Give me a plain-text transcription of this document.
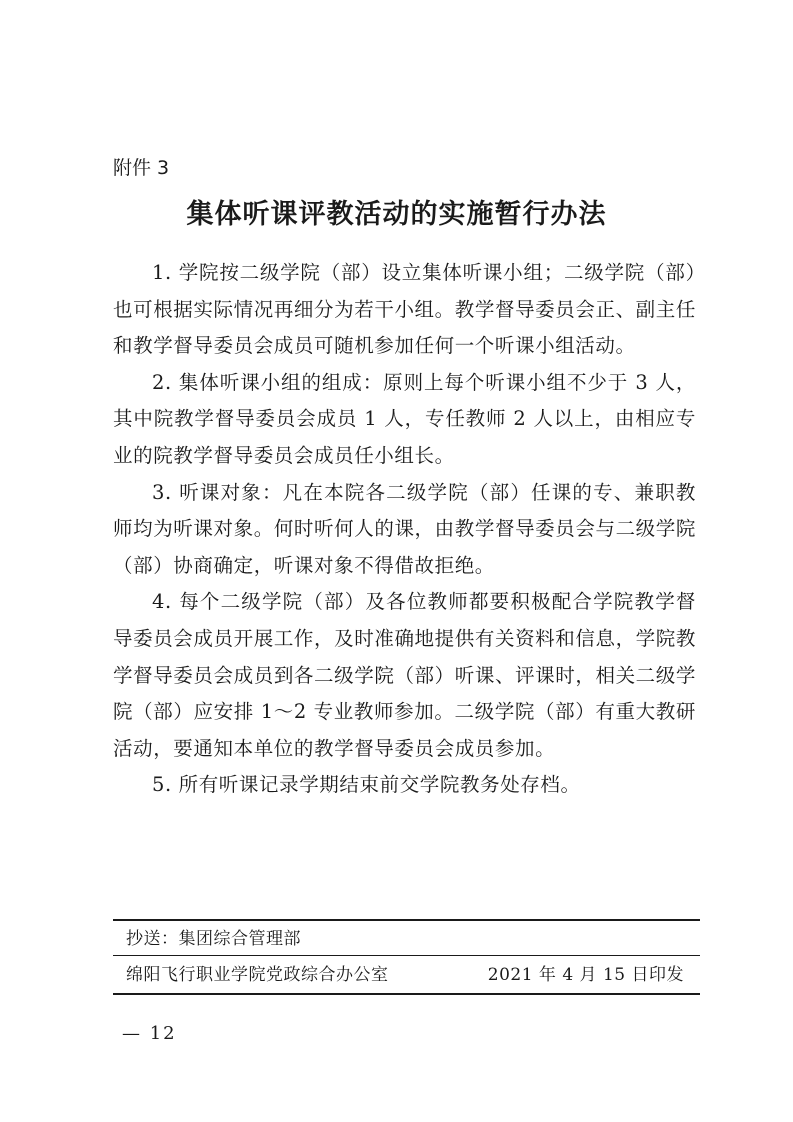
附件 3
集体听课评教活动的实施暂行办法

1. 学院按二级学院（部）设立集体听课小组；二级学院（部）也可根据实际情况再细分为若干小组。教学督导委员会正、副主任和教学督导委员会成员可随机参加任何一个听课小组活动。

2. 集体听课小组的组成：原则上每个听课小组不少于 3 人，其中院教学督导委员会成员 1 人，专任教师 2 人以上，由相应专业的院教学督导委员会成员任小组长。

3. 听课对象：凡在本院各二级学院（部）任课的专、兼职教师均为听课对象。何时听何人的课，由教学督导委员会与二级学院（部）协商确定，听课对象不得借故拒绝。

4. 每个二级学院（部）及各位教师都要积极配合学院教学督导委员会成员开展工作，及时准确地提供有关资料和信息，学院教学督导委员会成员到各二级学院（部）听课、评课时，相关二级学院（部）应安排 1～2 专业教师参加。二级学院（部）有重大教研活动，要通知本单位的教学督导委员会成员参加。

5. 所有听课记录学期结束前交学院教务处存档。

抄送：集团综合管理部
绵阳飞行职业学院党政综合办公室	2021 年 4 月 15 日印发
— 12
